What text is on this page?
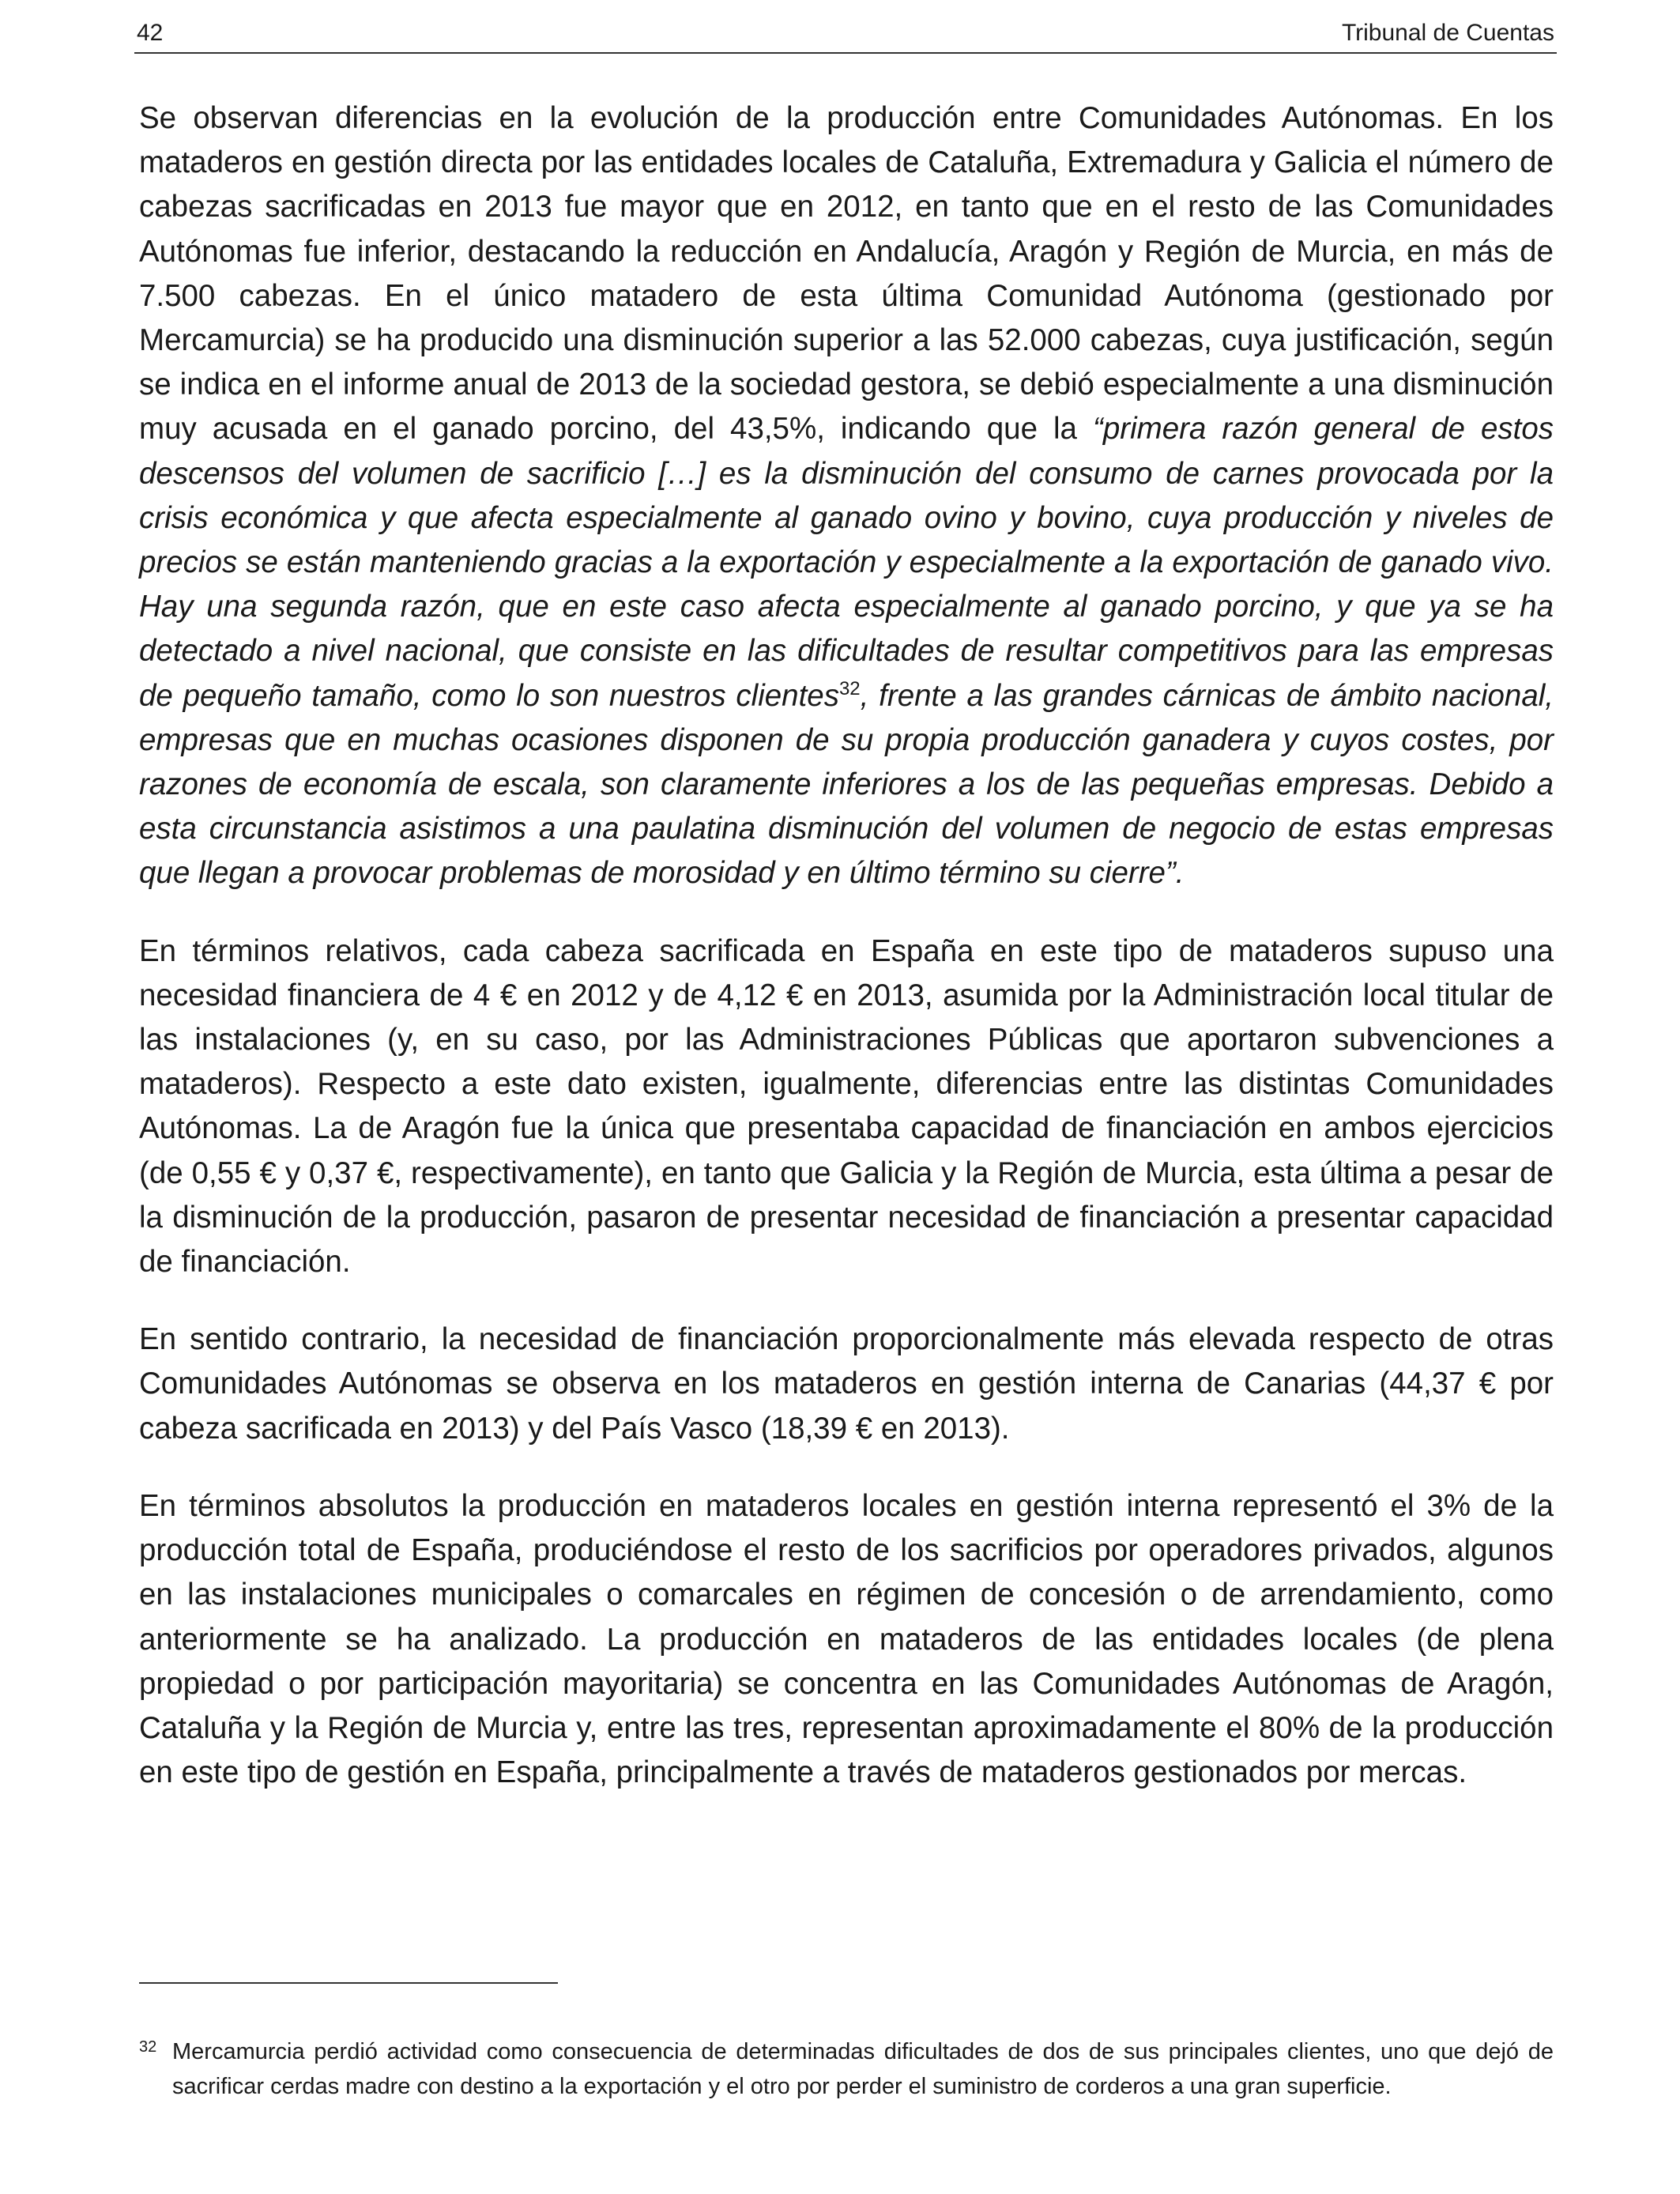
42	Tribunal de Cuentas

Se observan diferencias en la evolución de la producción entre Comunidades Autónomas. En los mataderos en gestión directa por las entidades locales de Cataluña, Extremadura y Galicia el número de cabezas sacrificadas en 2013 fue mayor que en 2012, en tanto que en el resto de las Comunidades Autónomas fue inferior, destacando la reducción en Andalucía, Aragón y Región de Murcia, en más de 7.500 cabezas. En el único matadero de esta última Comunidad Autónoma (gestionado por Mercamurcia) se ha producido una disminución superior a las 52.000 cabezas, cuya justificación, según se indica en el informe anual de 2013 de la sociedad gestora, se debió especialmente a una disminución muy acusada en el ganado porcino, del 43,5%, indicando que la “primera razón general de estos descensos del volumen de sacrificio […] es la disminución del consumo de carnes provocada por la crisis económica y que afecta especialmente al ganado ovino y bovino, cuya producción y niveles de precios se están manteniendo gracias a la exportación y especialmente a la exportación de ganado vivo. Hay una segunda razón, que en este caso afecta especialmente al ganado porcino, y que ya se ha detectado a nivel nacional, que consiste en las dificultades de resultar competitivos para las empresas de pequeño tamaño, como lo son nuestros clientes$^{32}$, frente a las grandes cárnicas de ámbito nacional, empresas que en muchas ocasiones disponen de su propia producción ganadera y cuyos costes, por razones de economía de escala, son claramente inferiores a los de las pequeñas empresas. Debido a esta circunstancia asistimos a una paulatina disminución del volumen de negocio de estas empresas que llegan a provocar problemas de morosidad y en último término su cierre”.

En términos relativos, cada cabeza sacrificada en España en este tipo de mataderos supuso una necesidad financiera de 4 € en 2012 y de 4,12 € en 2013, asumida por la Administración local titular de las instalaciones (y, en su caso, por las Administraciones Públicas que aportaron subvenciones a mataderos). Respecto a este dato existen, igualmente, diferencias entre las distintas Comunidades Autónomas. La de Aragón fue la única que presentaba capacidad de financiación en ambos ejercicios (de 0,55 € y 0,37 €, respectivamente), en tanto que Galicia y la Región de Murcia, esta última a pesar de la disminución de la producción, pasaron de presentar necesidad de financiación a presentar capacidad de financiación.

En sentido contrario, la necesidad de financiación proporcionalmente más elevada respecto de otras Comunidades Autónomas se observa en los mataderos en gestión interna de Canarias (44,37 € por cabeza sacrificada en 2013) y del País Vasco (18,39 € en 2013).

En términos absolutos la producción en mataderos locales en gestión interna representó el 3% de la producción total de España, produciéndose el resto de los sacrificios por operadores privados, algunos en las instalaciones municipales o comarcales en régimen de concesión o de arrendamiento, como anteriormente se ha analizado. La producción en mataderos de las entidades locales (de plena propiedad o por participación mayoritaria) se concentra en las Comunidades Autónomas de Aragón, Cataluña y la Región de Murcia y, entre las tres, representan aproximadamente el 80% de la producción en este tipo de gestión en España, principalmente a través de mataderos gestionados por mercas.

32 Mercamurcia perdió actividad como consecuencia de determinadas dificultades de dos de sus principales clientes, uno que dejó de sacrificar cerdas madre con destino a la exportación y el otro por perder el suministro de corderos a una gran superficie.
